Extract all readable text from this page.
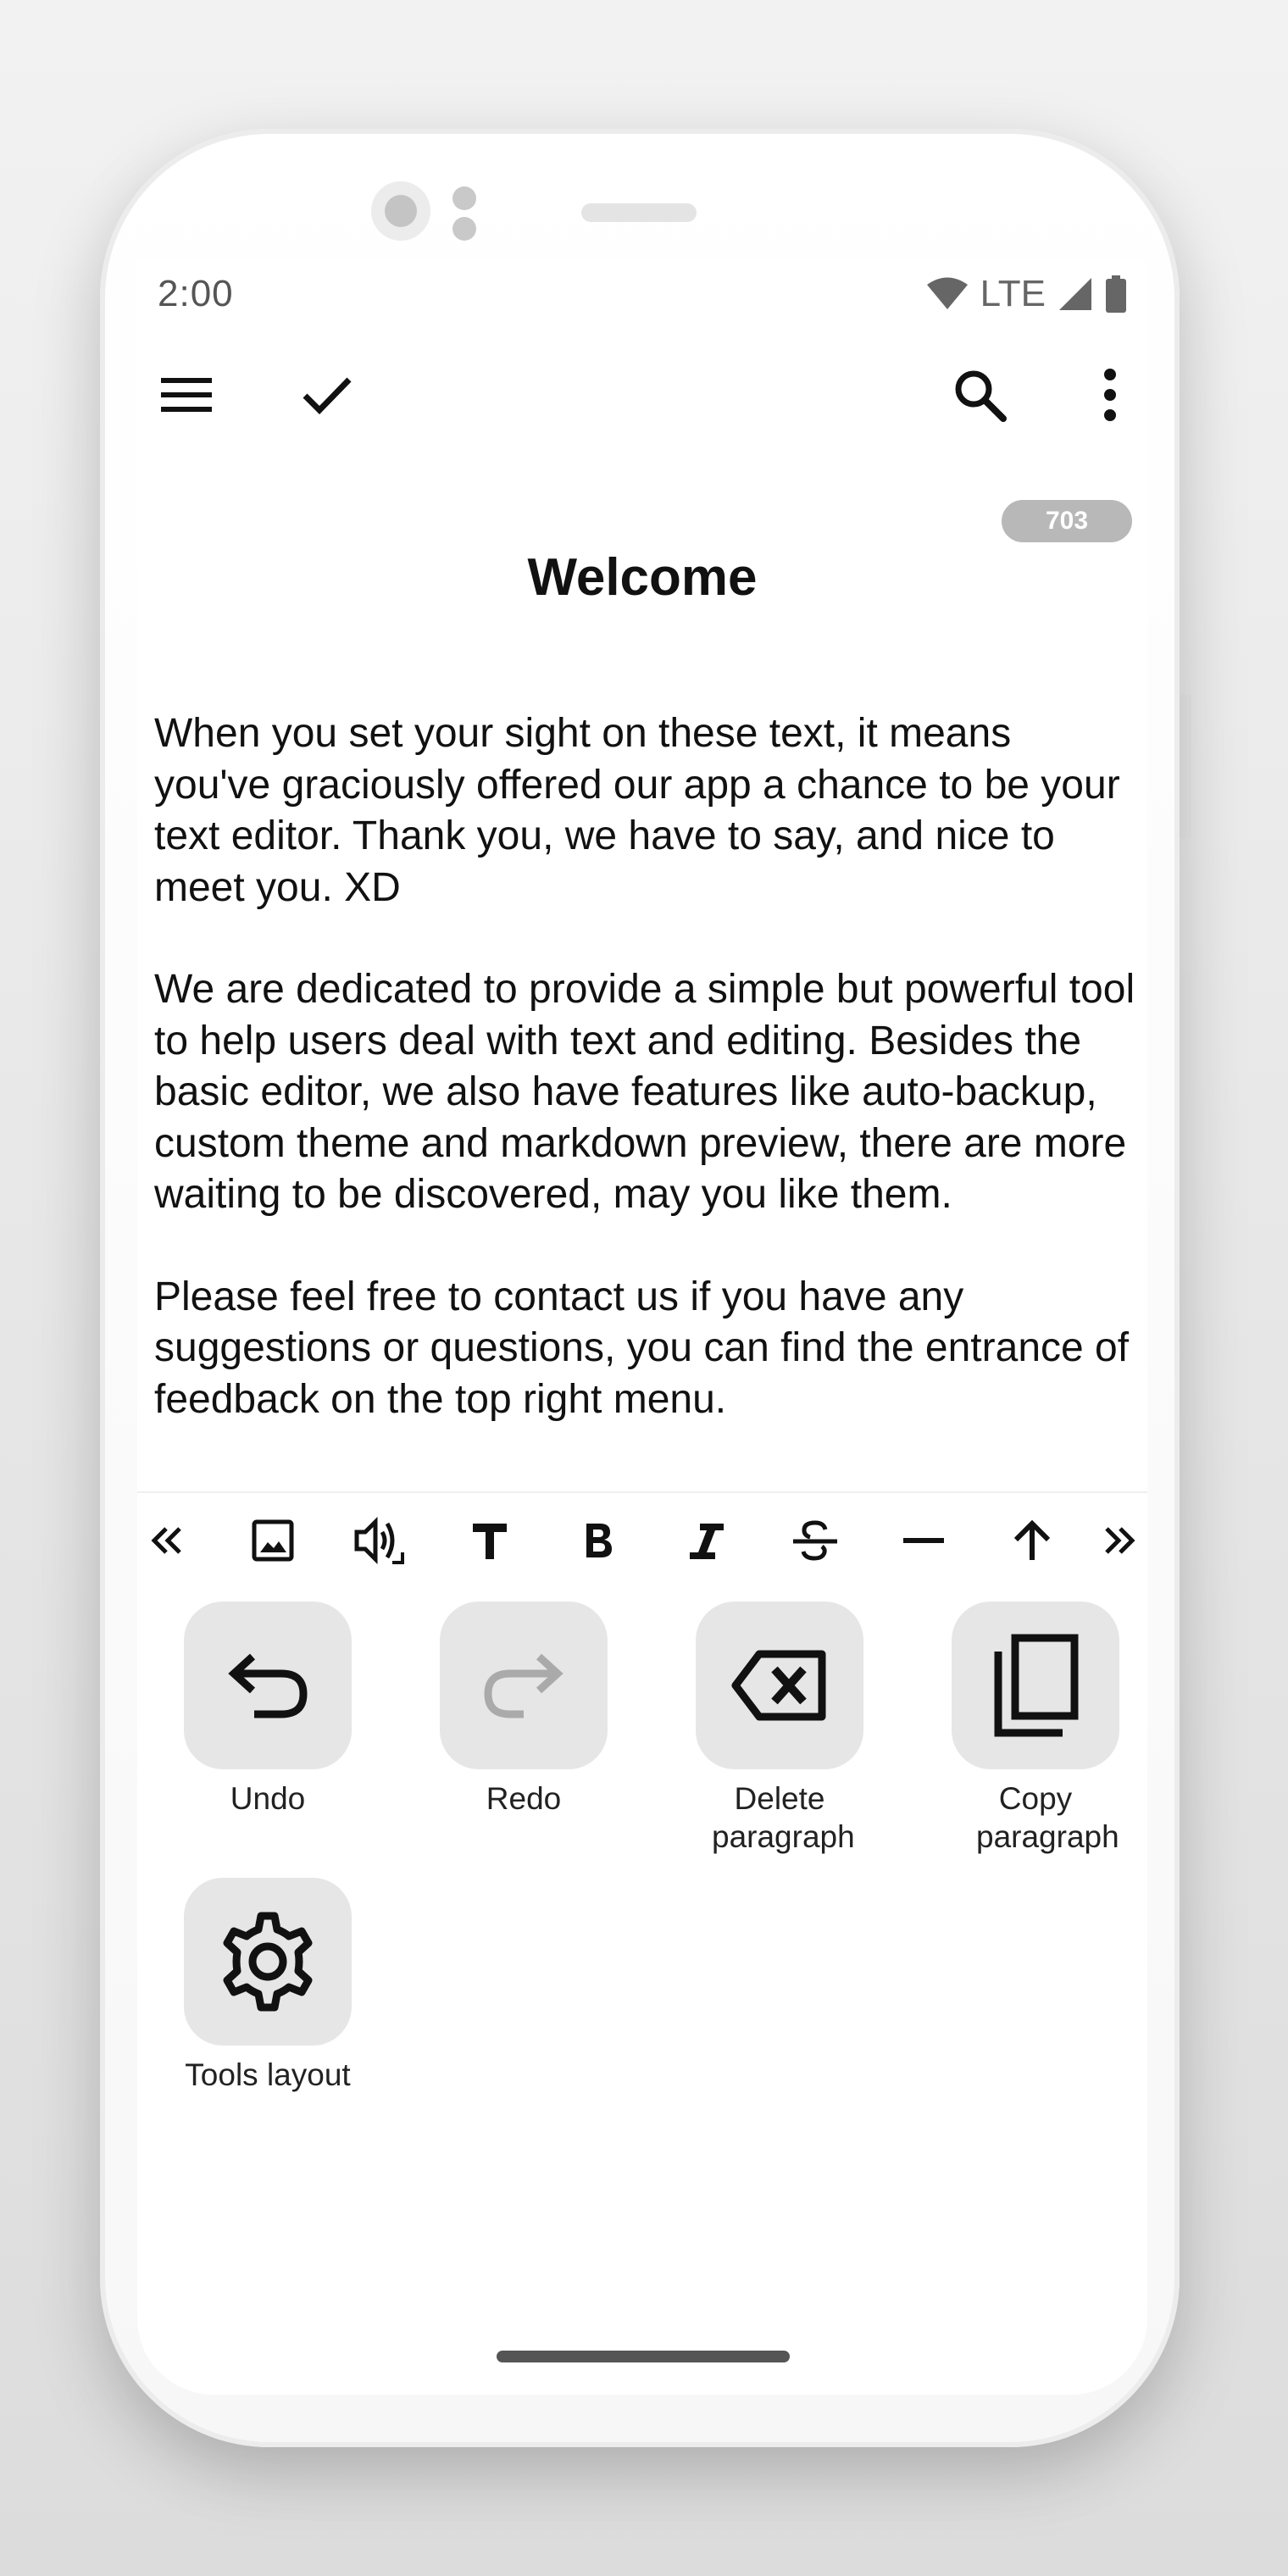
2:00	LTE
703
Welcome

When you set your sight on these text, it means you've graciously offered our app a chance to be your text editor. Thank you, we have to say, and nice to meet you. XD

We are dedicated to provide a simple but powerful tool to help users deal with text and editing. Besides the basic editor, we also have features like auto-backup, custom theme and markdown preview, there are more waiting to be discovered, may you like them.

Please feel free to contact us if you have any suggestions or questions, you can find the entrance of feedback on the top right menu.

Undo	Redo	Delete paragraph
Copy paragraph
Tools layout
